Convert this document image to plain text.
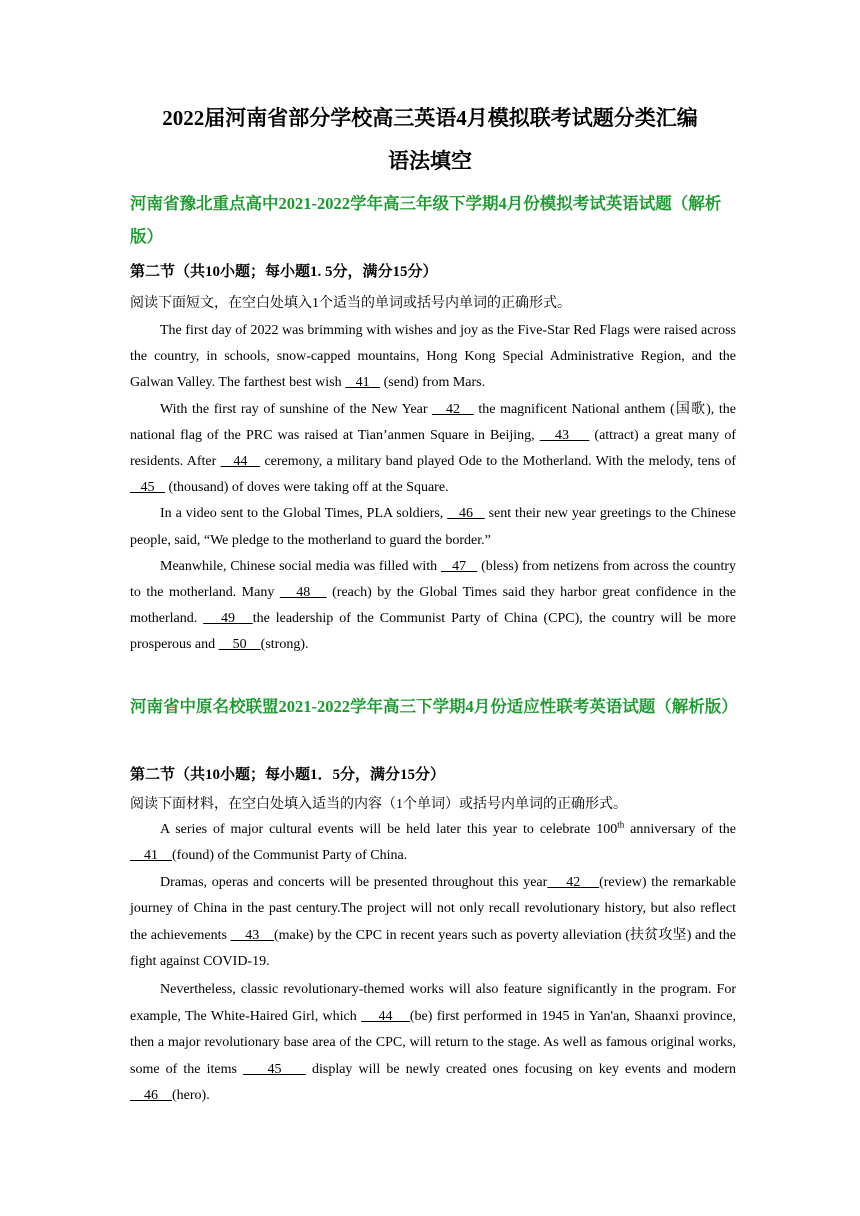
2022届河南省部分学校高三英语4月模拟联考试题分类汇编
语法填空
河南省豫北重点高中2021-2022学年高三年级下学期4月份模拟考试英语试题（解析版）
第二节（共10小题；每小题1. 5分，满分15分）
阅读下面短文，在空白处填入1个适当的单词或括号内单词的正确形式。

The first day of 2022 was brimming with wishes and joy as the Five-Star Red Flags were raised across the country, in schools, snow-capped mountains, Hong Kong Special Administrative Region, and the Galwan Valley. The farthest best wish    41    (send) from Mars.

With the first ray of sunshine of the New Year    42    the magnificent National anthem (国歌), the national flag of the PRC was raised at Tian’anmen Square in Beijing,    43     (attract) a great many of residents. After    44    ceremony, a military band played Ode to the Motherland. With the melody, tens of    45    (thousand) of doves were taking off at the Square.

In a video sent to the Global Times, PLA soldiers,    46    sent their new year greetings to the Chinese people, said, “We pledge to the motherland to guard the border.”

Meanwhile, Chinese social media was filled with    47    (bless) from netizens from across the country to the motherland. Many    48    (reach) by the Global Times said they harbor great confidence in the motherland.    49   the leadership of the Communist Party of China (CPC), the country will be more prosperous and     50    (strong).

河南省中原名校联盟2021-2022学年高三下学期4月份适应性联考英语试题（解析版）
第二节（共10小题；每小题1．5分，满分15分）
阅读下面材料，在空白处填入适当的内容（1个单词）或括号内单词的正确形式。

A series of major cultural events will be held later this year to celebrate 100th anniversary of the     41    (found) of the Communist Party of China.

Dramas, operas and concerts will be presented throughout this year    42    (review) the remarkable journey of China in the past century.The project will not only recall revolutionary history, but also reflect the achievements     43    (make) by the CPC in recent years such as poverty alleviation (扶贫攻坚) and the fight against COVID-19.

Nevertheless, classic revolutionary-themed works will also feature significantly in the program. For example, The White-Haired Girl, which     44    (be) first performed in 1945 in Yan'an, Shaanxi province, then a major revolutionary base area of the CPC, will return to the stage. As well as famous original works, some of the items     45     display will be newly created ones focusing on key events and modern     46    (hero).
